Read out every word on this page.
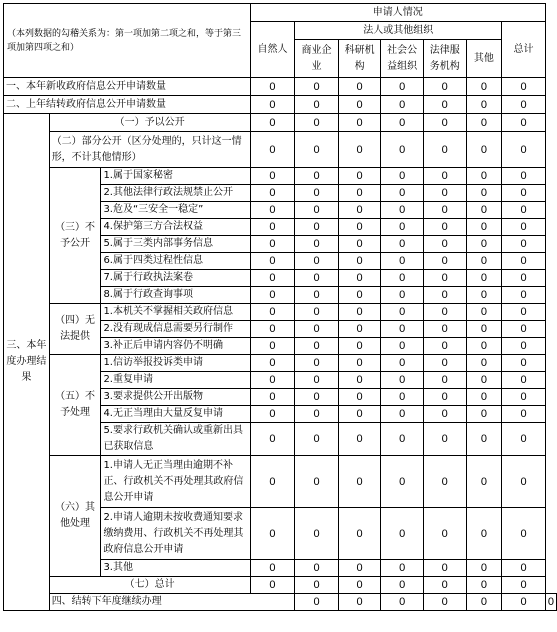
（本列数据的勾稽关系为：第一项加第二项之和，等于第三项加第四项之和）			申请人情况							
			自然人	法人或其他组织					总计	
				商业企业	科研机构	社会公益组织	法律服务机构	其他		
一、本年新收政府信息公开申请数量			0	0	0	0	0	0	0	
二、上年结转政府信息公开申请数量			0	0	0	0	0	0	0	
三、本年度办理结果	（一）予以公开		0	0	0	0	0	0	0	
	（二）部分公开（区分处理的，只计这一情形，不计其他情形）		0	0	0	0	0	0	0	
	（三）不予公开	1.属于国家秘密	0	0	0	0	0	0	0	
		2.其他法律行政法规禁止公开	0	0	0	0	0	0	0	
		3.危及“三安全一稳定”	0	0	0	0	0	0	0	
		4.保护第三方合法权益	0	0	0	0	0	0	0	
		5.属于三类内部事务信息	0	0	0	0	0	0	0	
		6.属于四类过程性信息	0	0	0	0	0	0	0	
		7.属于行政执法案卷	0	0	0	0	0	0	0	
		8.属于行政查询事项	0	0	0	0	0	0	0	
	（四）无法提供	1.本机关不掌握相关政府信息	0	0	0	0	0	0	0	
		2.没有现成信息需要另行制作	0	0	0	0	0	0	0	
		3.补正后申请内容仍不明确	0	0	0	0	0	0	0	
	（五）不予处理	1.信访举报投诉类申请	0	0	0	0	0	0	0	
		2.重复申请	0	0	0	0	0	0	0	
		3.要求提供公开出版物	0	0	0	0	0	0	0	
		4.无正当理由大量反复申请	0	0	0	0	0	0	0	
		5.要求行政机关确认或重新出具已获取信息	0	0	0	0	0	0	0	
	（六）其他处理	1.申请人无正当理由逾期不补正、行政机关不再处理其政府信息公开申请	0	0	0	0	0	0	0	
		2.申请人逾期未按收费通知要求缴纳费用、行政机关不再处理其政府信息公开申请	0	0	0	0	0	0	0	
		3.其他	0	0	0	0	0	0	0	
	（七）总计		0	0	0	0	0	0	0	
	四、结转下年度继续办理			0	0	0	0	0	0	0
